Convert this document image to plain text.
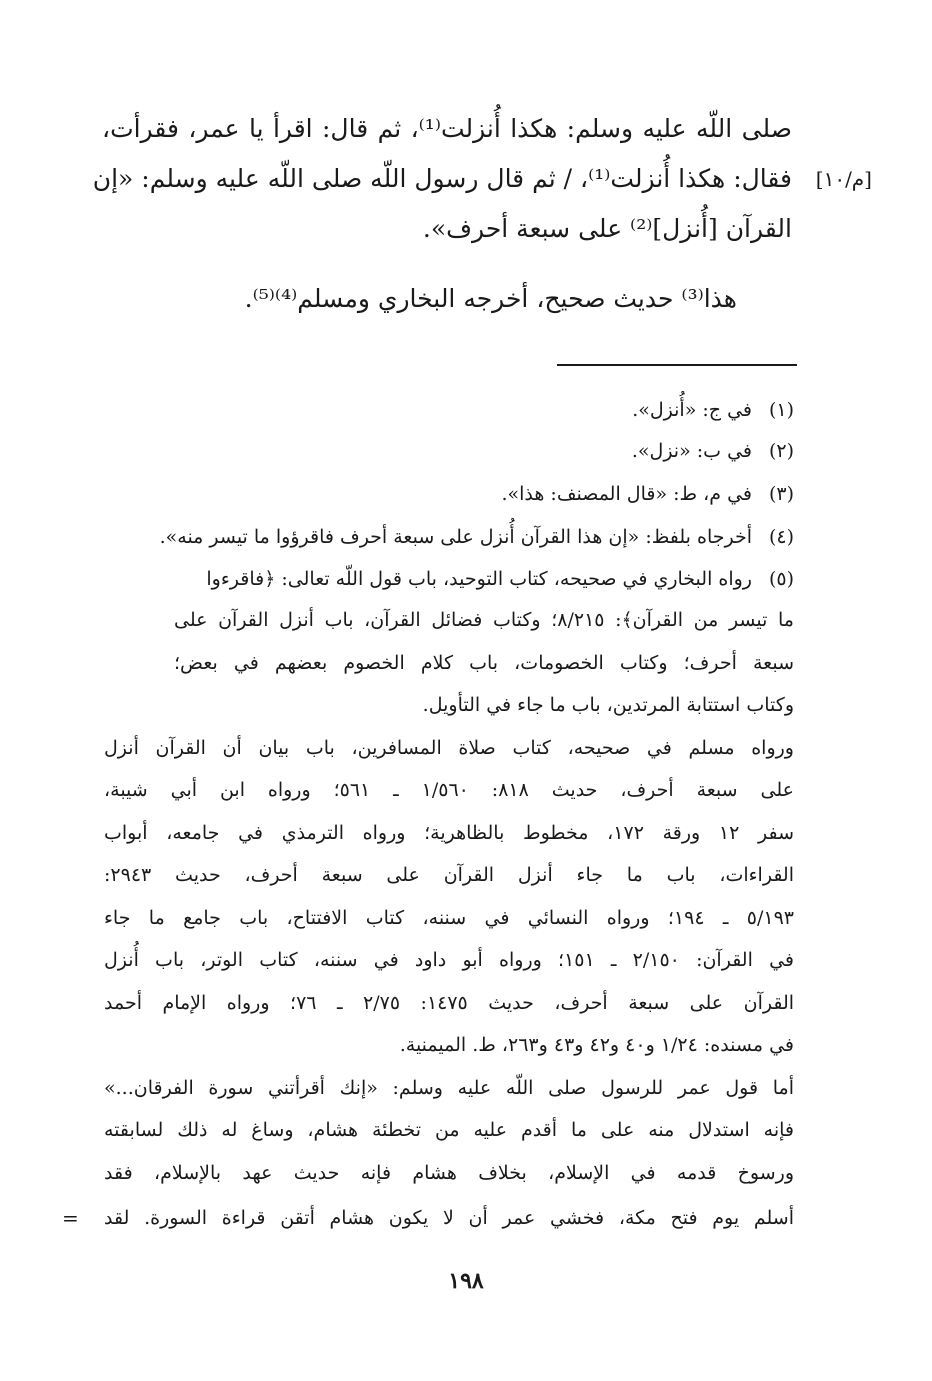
صلى اللّه عليه وسلم: هكذا أُنزلت⁽¹⁾، ثم قال: اقرأ يا عمر، فقرأت،
فقال: هكذا أُنزلت⁽¹⁾، / ثم قال رسول اللّه صلى اللّه عليه وسلم: «إن
القرآن [أُنزل]⁽²⁾ على سبعة أحرف».
[م/١٠]
هذا⁽³⁾ حديث صحيح، أخرجه البخاري ومسلم⁽⁴⁾⁽⁵⁾.
(١)
في ج: «أُنزل».
(٢)
في ب: «نزل».
(٣)
في م، ط: «قال المصنف: هذا».
(٤)
أخرجاه بلفظ: «إن هذا القرآن أُنزل على سبعة أحرف فاقرؤوا ما تيسر منه».
(٥)
رواه البخاري في صحيحه، كتاب التوحيد، باب قول اللّه تعالى: ﴿فاقرءوا
ما تيسر من القرآن﴾: ٨/٢١٥؛ وكتاب فضائل القرآن، باب أنزل القرآن على
سبعة أحرف؛ وكتاب الخصومات، باب كلام الخصوم بعضهم في بعض؛
وكتاب استتابة المرتدين، باب ما جاء في التأويل.
ورواه مسلم في صحيحه، كتاب صلاة المسافرين، باب بيان أن القرآن أنزل
على سبعة أحرف، حديث ٨١٨: ١/٥٦٠ ـ ٥٦١؛ ورواه ابن أبي شيبة،
سفر ١٢ ورقة ١٧٢، مخطوط بالظاهرية؛ ورواه الترمذي في جامعه، أبواب
القراءات، باب ما جاء أنزل القرآن على سبعة أحرف، حديث ٢٩٤٣:
٥/١٩٣ ـ ١٩٤؛ ورواه النسائي في سننه، كتاب الافتتاح، باب جامع ما جاء
في القرآن: ٢/١٥٠ ـ ١٥١؛ ورواه أبو داود في سننه، كتاب الوتر، باب أُنزل
القرآن على سبعة أحرف، حديث ١٤٧٥: ٢/٧٥ ـ ٧٦؛ ورواه الإمام أحمد
في مسنده: ١/٢٤ و٤٠ و٤٢ و٤٣ و٢٦٣، ط. الميمنية.
أما قول عمر للرسول صلى اللّه عليه وسلم: «إنك أقرأتني سورة الفرقان...»
فإنه استدلال منه على ما أقدم عليه من تخطئة هشام، وساغ له ذلك لسابقته
ورسوخ قدمه في الإسلام، بخلاف هشام فإنه حديث عهد بالإسلام، فقد
أسلم يوم فتح مكة، فخشي عمر أن لا يكون هشام أتقن قراءة السورة. لقد
=
١٩٨
